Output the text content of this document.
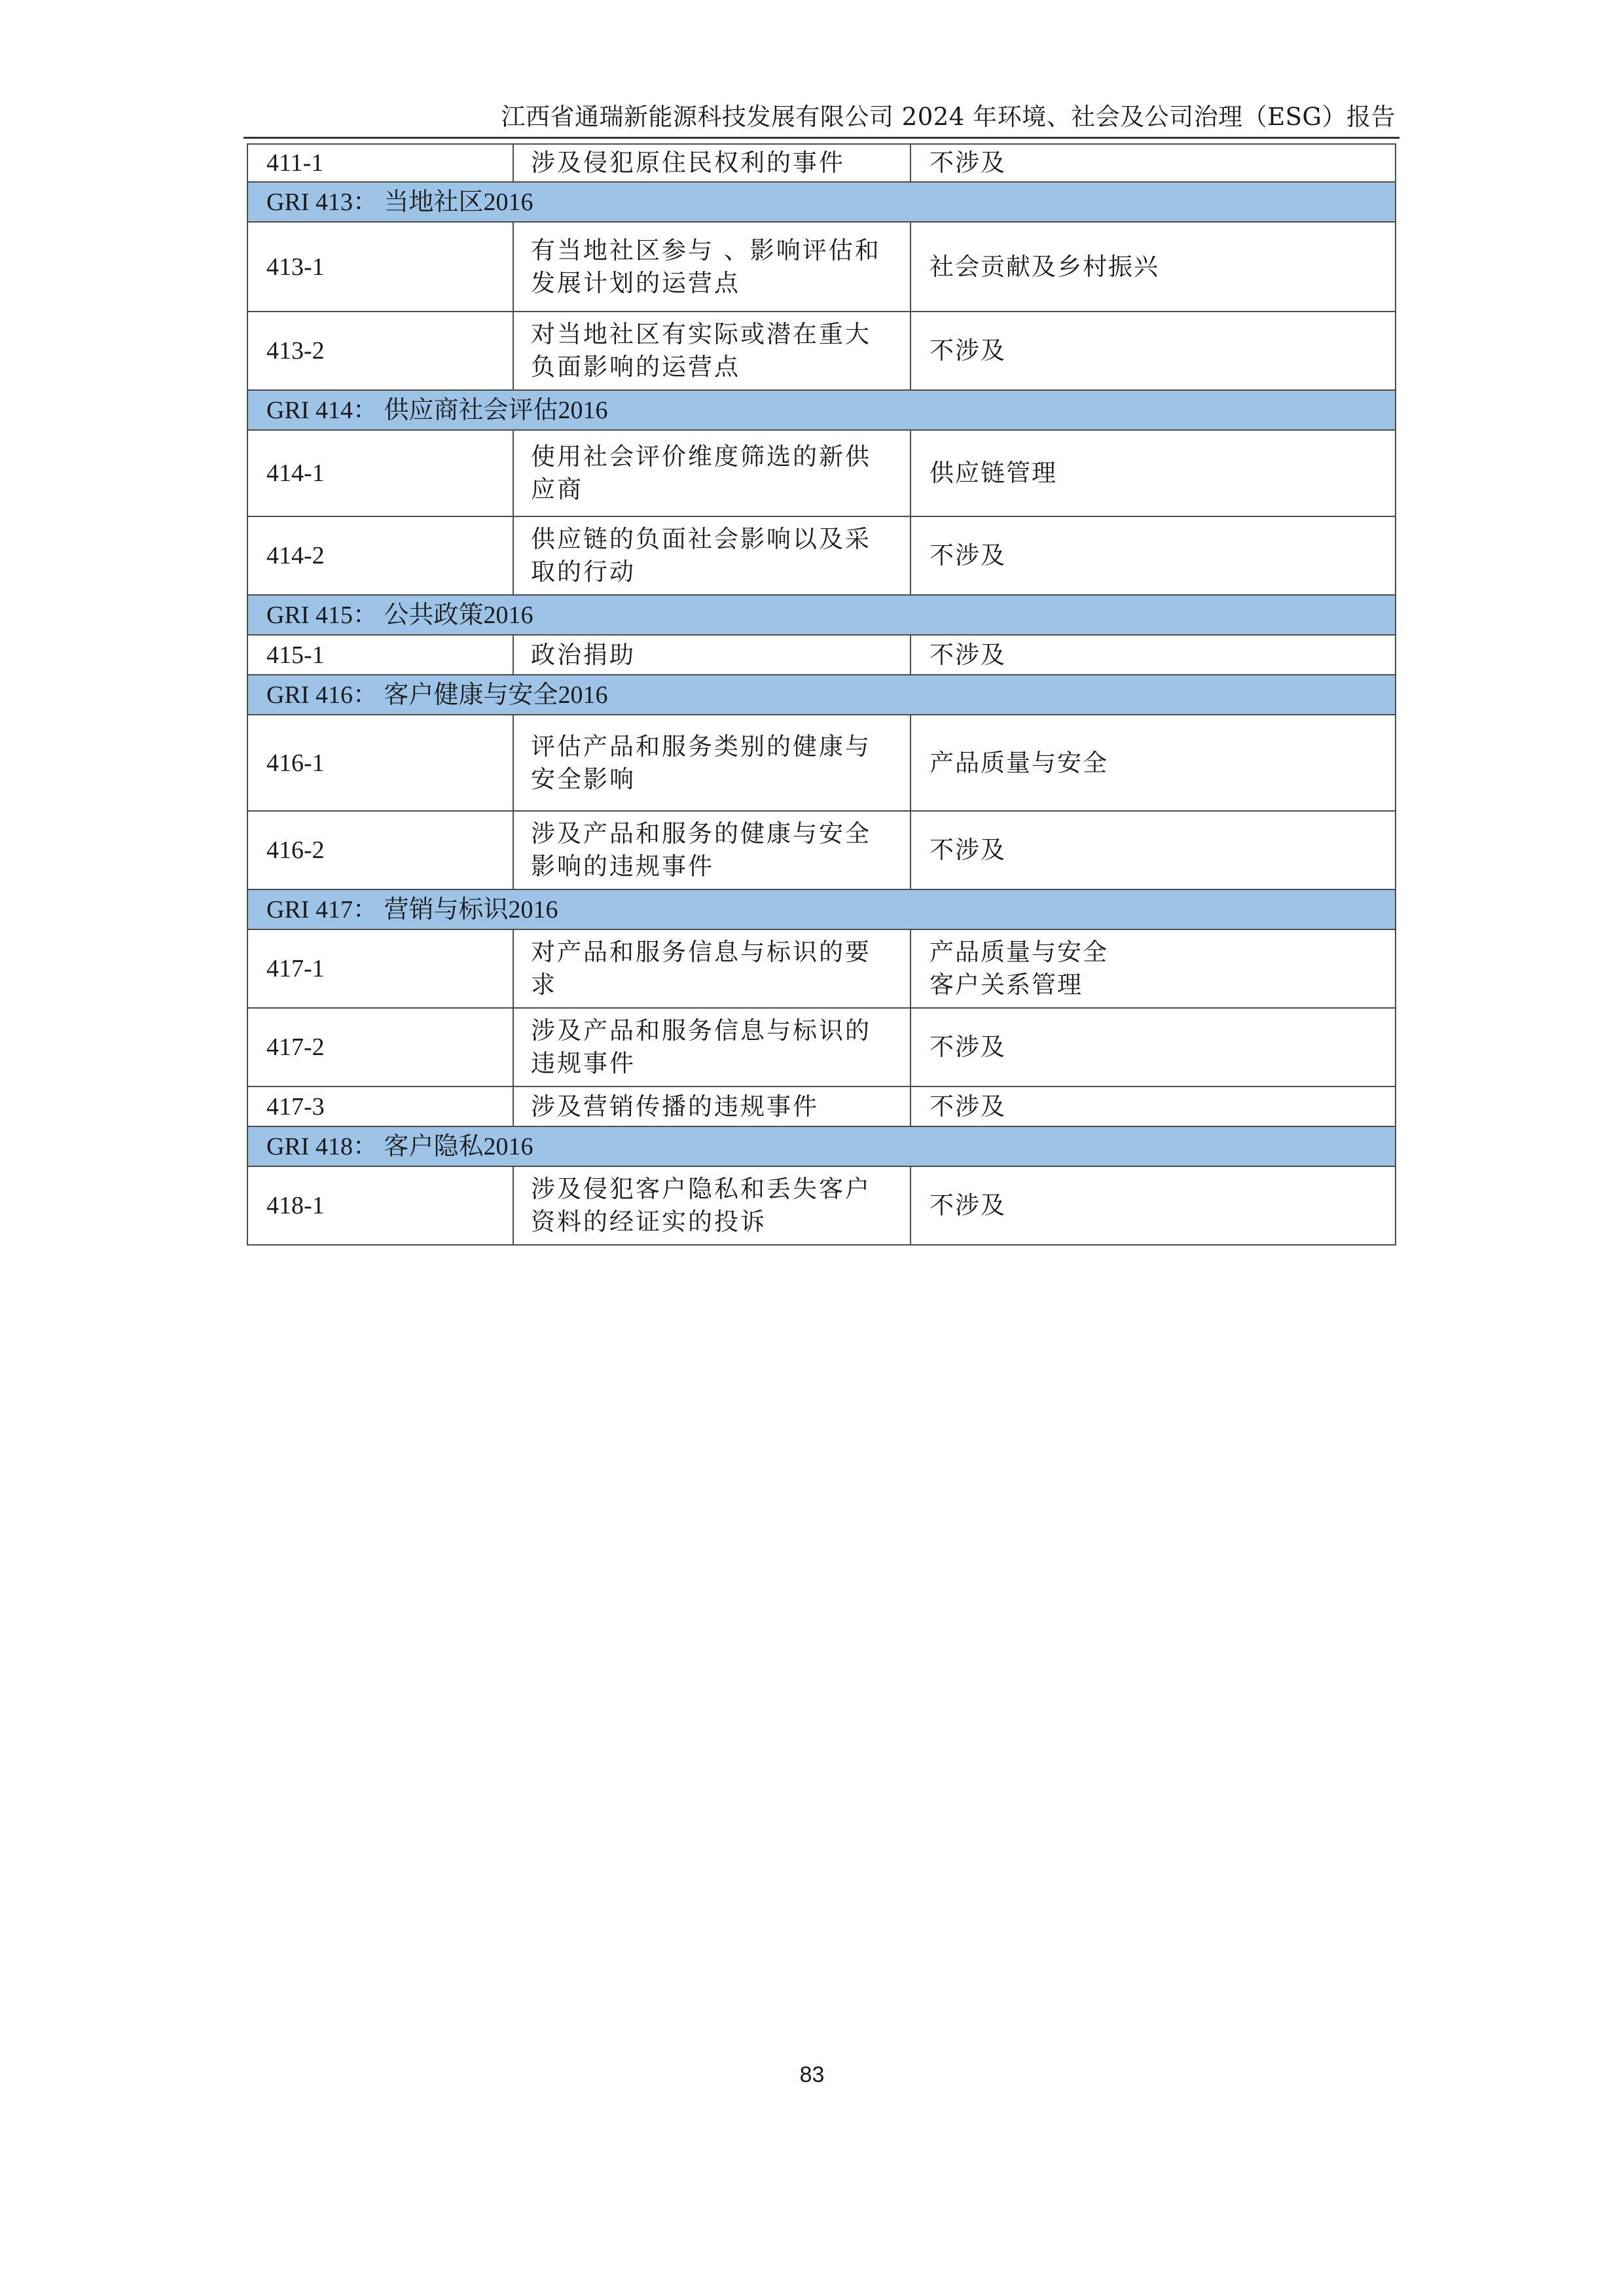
江西省通瑞新能源科技发展有限公司 2024 年环境、社会及公司治理（ESG）报告
411-1	涉及侵犯原住民权利的事件	不涉及
GRI 413： 当地社区2016		
413-1	有当地社区参与 、影响评估和发展计划的运营点	社会贡献及乡村振兴
413-2	对当地社区有实际或潜在重大负面影响的运营点	不涉及
GRI 414： 供应商社会评估2016		
414-1	使用社会评价维度筛选的新供应商	供应链管理
414-2	供应链的负面社会影响以及采取的行动	不涉及
GRI 415： 公共政策2016		
415-1	政治捐助	不涉及
GRI 416： 客户健康与安全2016		
416-1	评估产品和服务类别的健康与安全影响	产品质量与安全
416-2	涉及产品和服务的健康与安全影响的违规事件	不涉及
GRI 417： 营销与标识2016		
417-1	对产品和服务信息与标识的要求	产品质量与安全
客户关系管理
417-2	涉及产品和服务信息与标识的违规事件	不涉及
417-3	涉及营销传播的违规事件	不涉及
GRI 418： 客户隐私2016		
418-1	涉及侵犯客户隐私和丢失客户资料的经证实的投诉	不涉及
83
